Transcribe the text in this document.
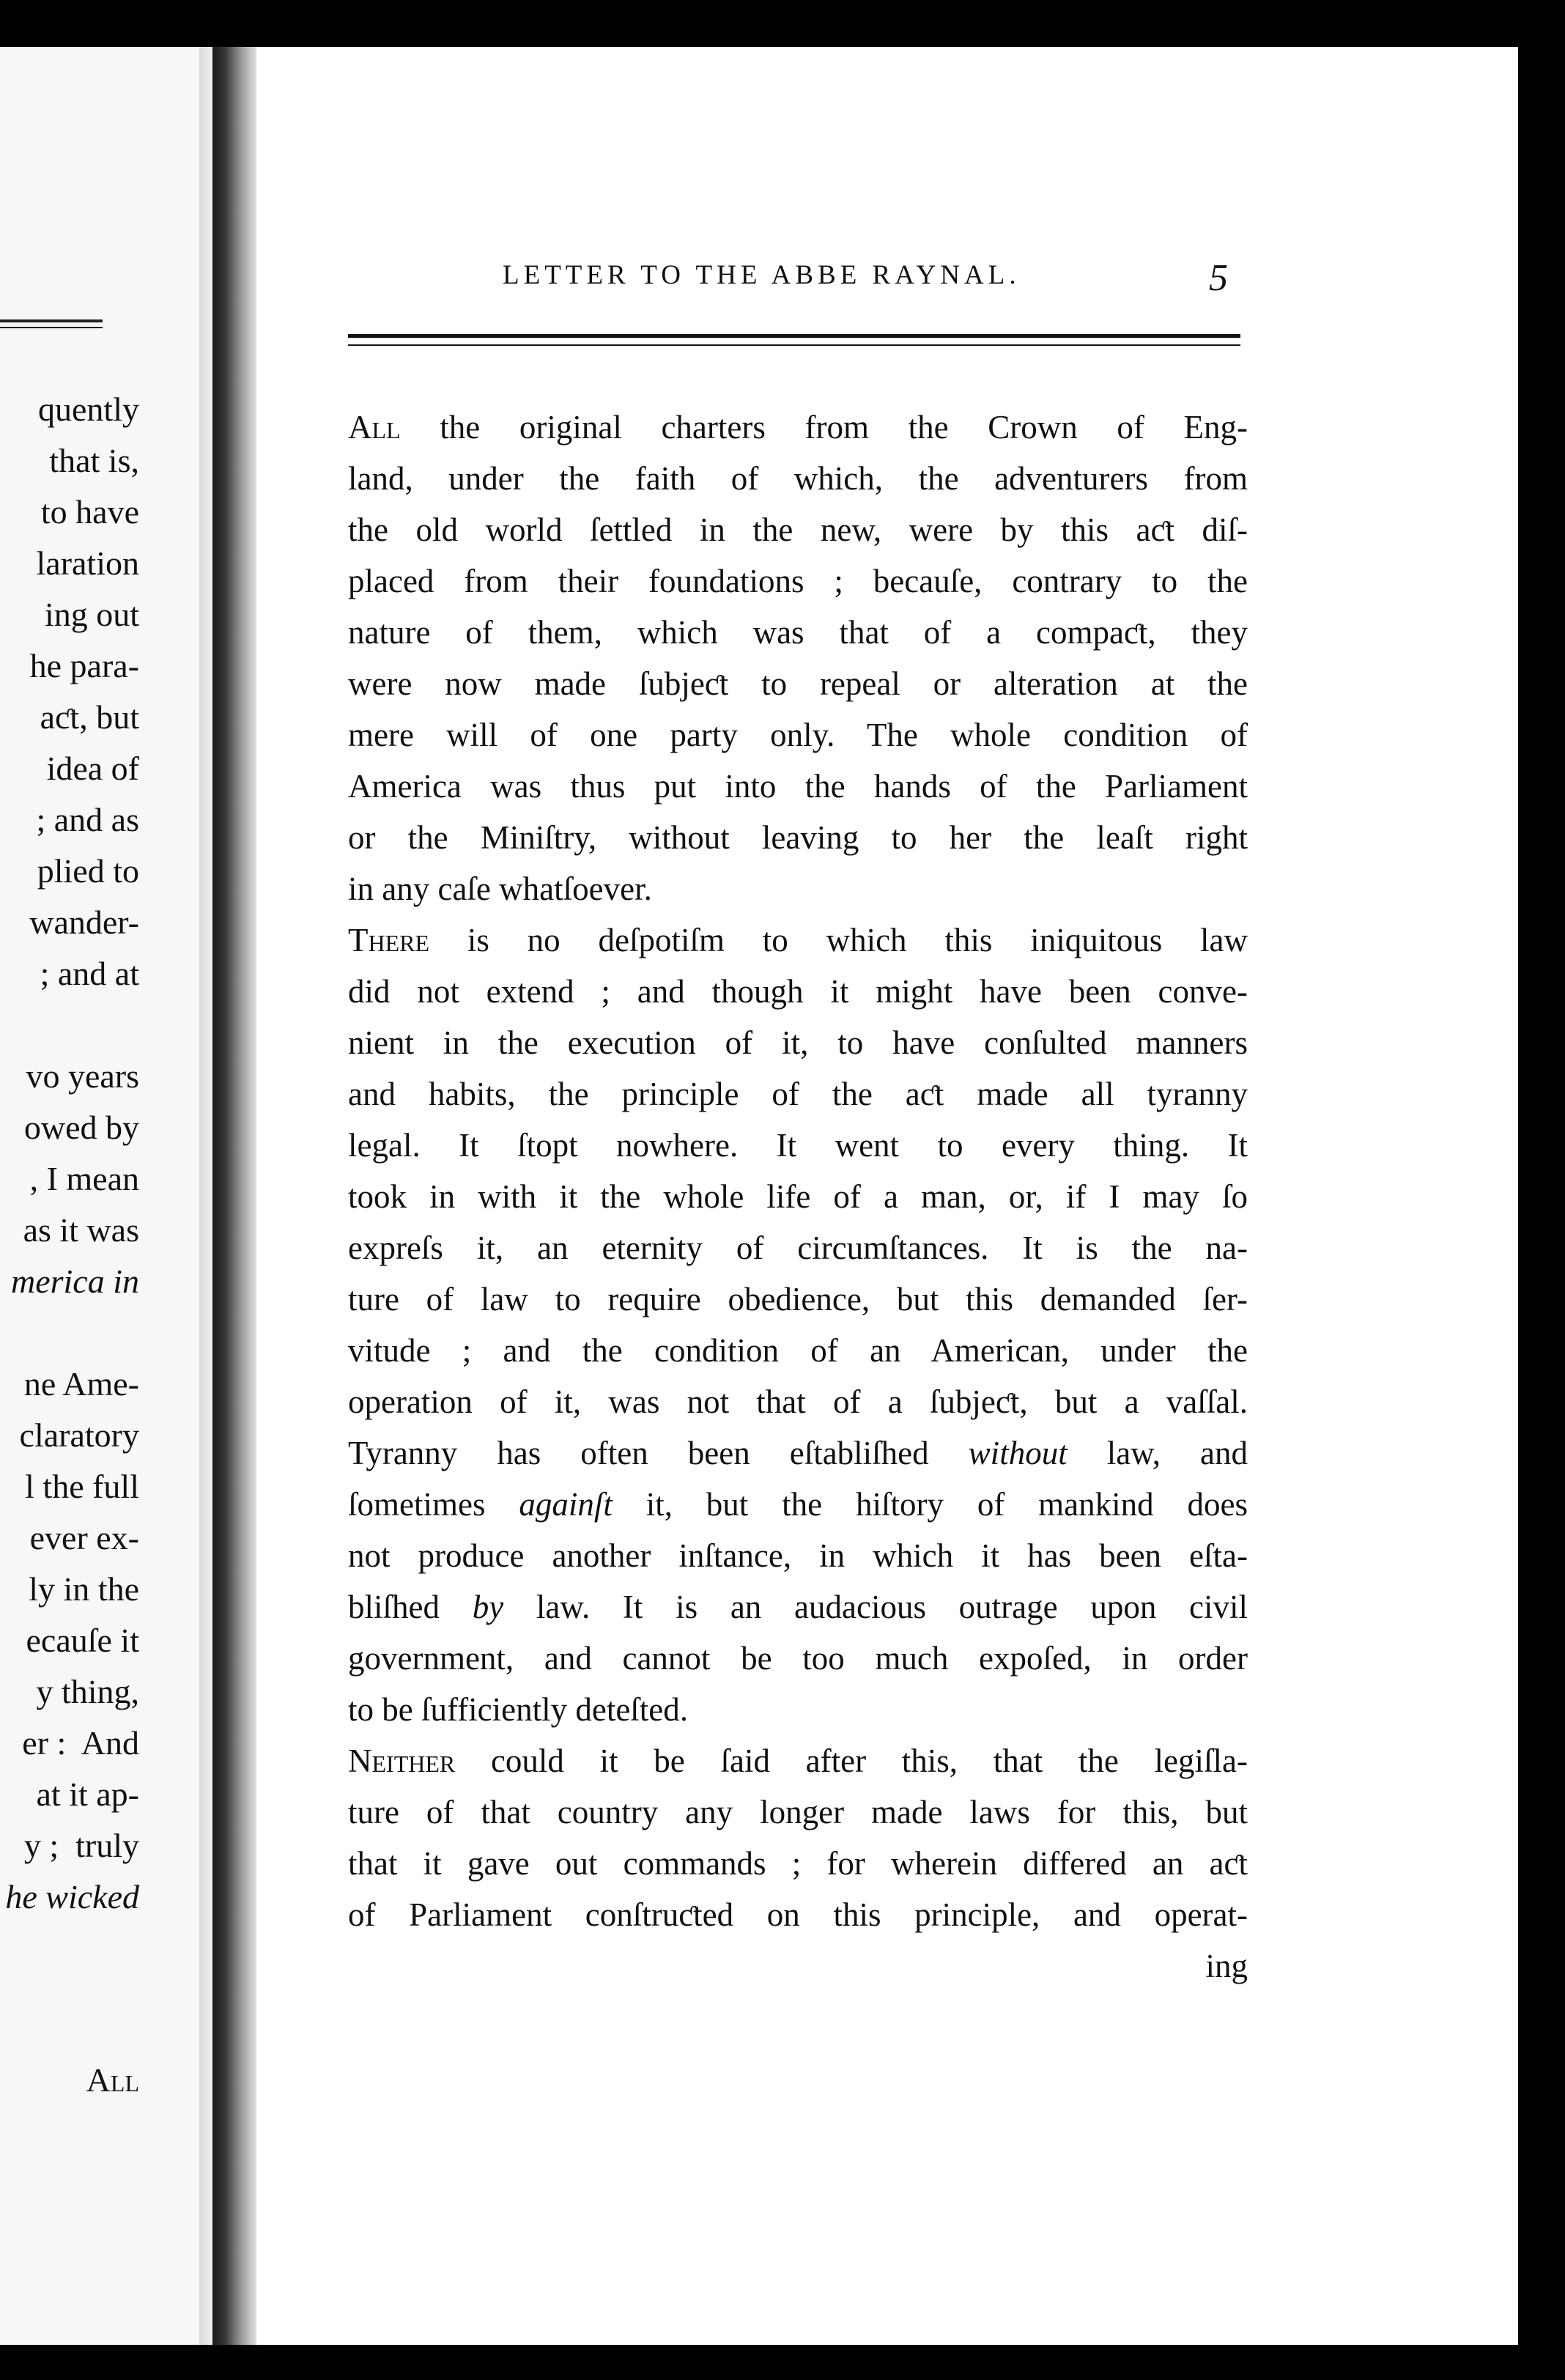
quently
that is,
to have
laration
ing out
he para-
aƈt, but
idea of
; and as
plied to
wander-
; and at

vo years
owed by
, I mean
as it was
merica in

ne Ame-
claratory
l the full
ever ex-
ly in the
ecauſe it
y thing,
er :  And
at it ap-
y ;  truly
he wicked
All
LETTER TO THE ABBE RAYNAL.	5
All the original charters from the Crown of Eng-
land, under the faith of which, the adventurers from
the old world ſettled in the new, were by this aƈt diſ-
placed from their foundations ; becauſe, contrary to the
nature of them, which was that of a compaƈt, they
were now made ſubjeƈt to repeal or alteration at the
mere will of one party only. The whole condition of
America was thus put into the hands of the Parliament
or the Miniſtry, without leaving to her the leaſt right
in any caſe whatſoever.
There is no deſpotiſm to which this iniquitous law
did not extend ; and though it might have been conve-
nient in the execution of it, to have conſulted manners
and habits, the principle of the aƈt made all tyranny
legal. It ſtopt nowhere. It went to every thing. It
took in with it the whole life of a man, or, if I may ſo
expreſs it, an eternity of circumſtances. It is the na-
ture of law to require obedience, but this demanded ſer-
vitude ; and the condition of an American, under the
operation of it, was not that of a ſubjeƈt, but a vaſſal.
Tyranny has often been eſtabliſhed without law, and
ſometimes againſt it, but the hiſtory of mankind does
not produce another inſtance, in which it has been eſta-
bliſhed by law. It is an audacious outrage upon civil
government, and cannot be too much expoſed, in order
to be ſufficiently deteſted.
Neither could it be ſaid after this, that the legiſla-
ture of that country any longer made laws for this, but
that it gave out commands ; for wherein differed an aƈt
of Parliament conſtruƈted on this principle, and operat-
ing
